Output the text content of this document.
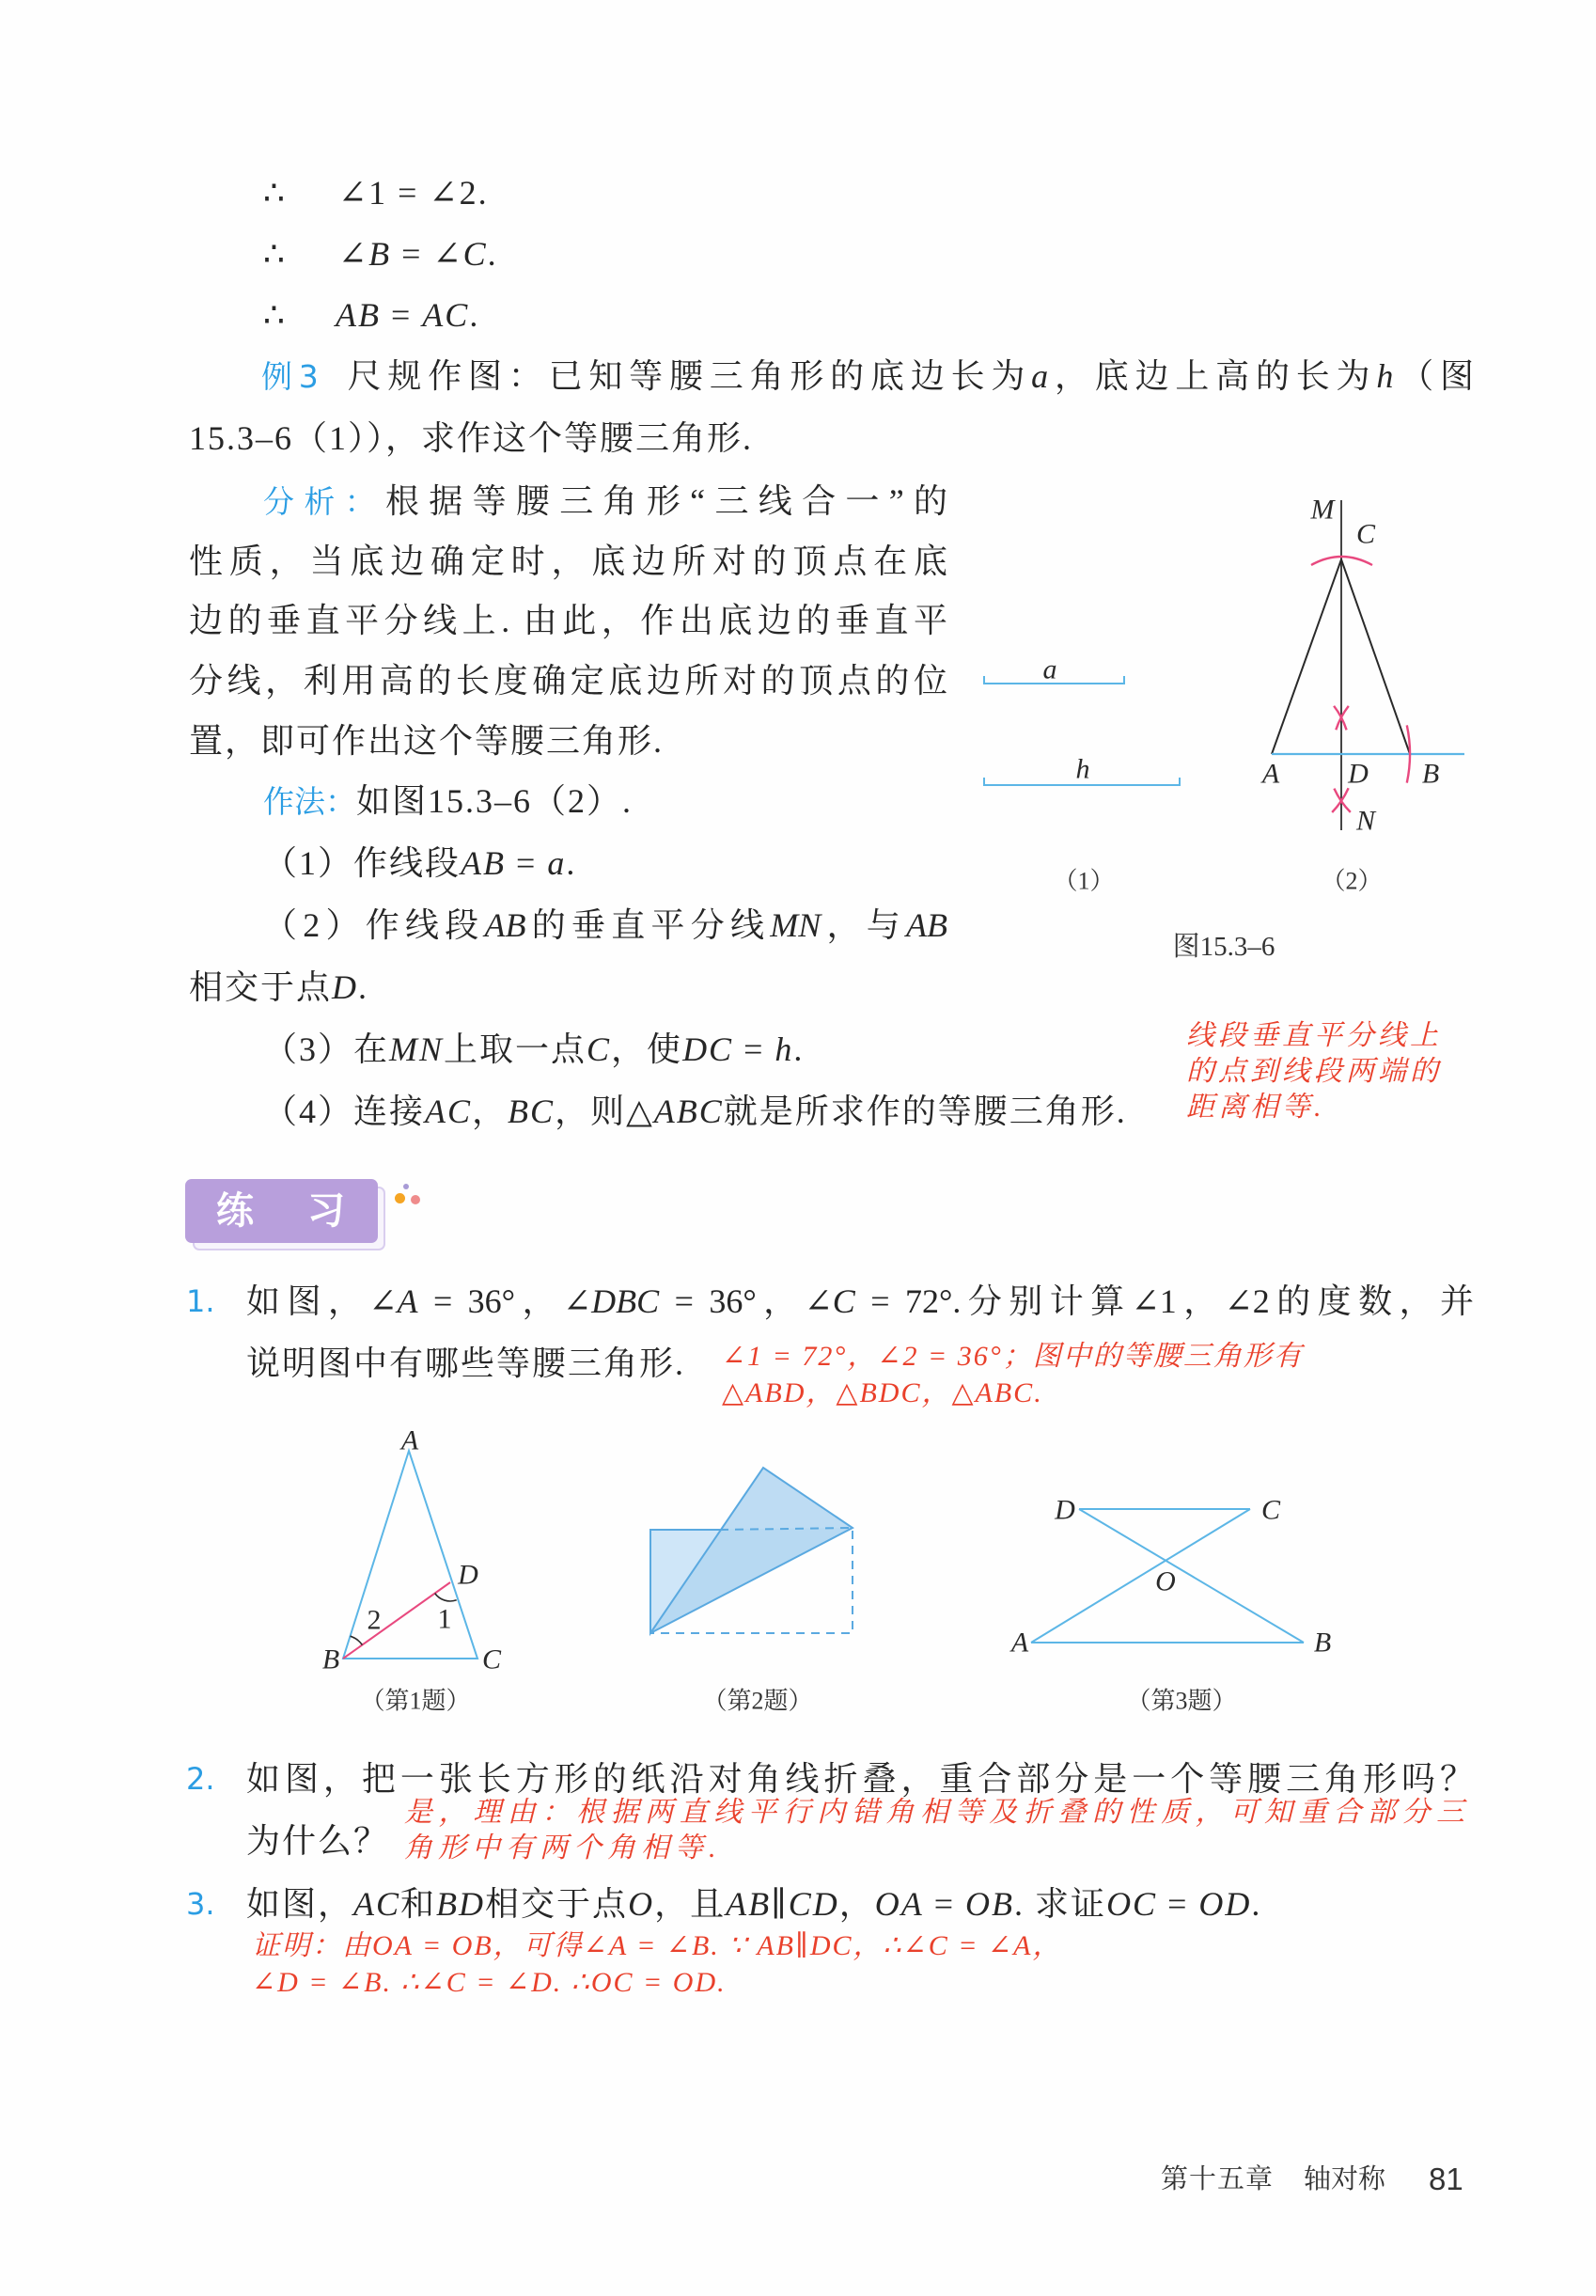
∴ ∠1 = ∠2.
∴ ∠B = ∠C.
∴ AB = AC.
例3 尺规作图：已知等腰三角形的底边长为a，底边上高的长为h（图
15.3–6（1）），求作这个等腰三角形.
分析：根据等腰三角形“三线合一”的
性质，当底边确定时，底边所对的顶点在底
边的垂直平分线上. 由此，作出底边的垂直平
分线，利用高的长度确定底边所对的顶点的位
置，即可作出这个等腰三角形.
作法：如图15.3–6（2）.
（1）作线段AB = a.
（2）作线段AB的垂直平分线MN，与AB
相交于点D.
（3）在MN上取一点C，使DC = h.
（4）连接AC，BC，则△ABC就是所求作的等腰三角形.
线段垂直平分线上
的点到线段两端的
距离相等.
练 习
1. 如图，∠A = 36°，∠DBC = 36°，∠C = 72°.分别计算∠1，∠2的度数，并
说明图中有哪些等腰三角形. ∠1 = 72°，∠2 = 36°；图中的等腰三角形有
△ABD，△BDC，△ABC.
2. 如图，把一张长方形的纸沿对角线折叠，重合部分是一个等腰三角形吗？
为什么？
是，理由：根据两直线平行内错角相等及折叠的性质，可知重合部分三
角形中有两个角相等.
3. 如图，AC和BD相交于点O，且AB∥CD，OA = OB. 求证OC = OD.
证明：由OA = OB，可得∠A = ∠B. ∵ AB∥DC，∴∠C = ∠A，
∠D = ∠B. ∴∠C = ∠D. ∴OC = OD.
第十五章 轴对称 81
a
h
M
C
A D B
N
（1）	（2）
图15.3–6
A
D
B	C
2 1
（第1题）	（第2题）
D	C
O
A	B
（第3题）
